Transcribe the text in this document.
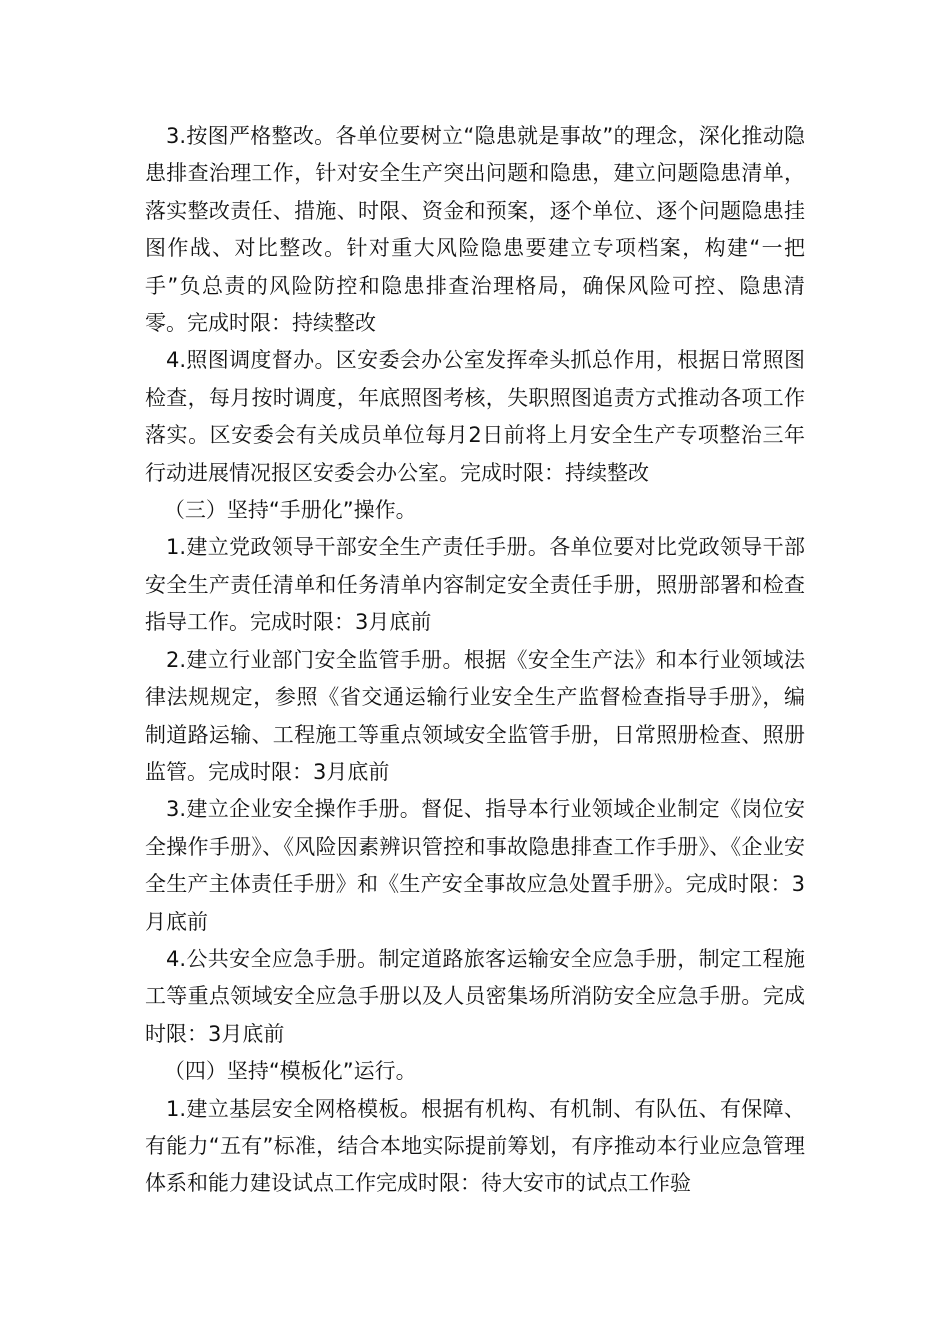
3.按图严格整改。各单位要树立“隐患就是事故”的理念，深化推动隐患排查治理工作，针对安全生产突出问题和隐患，建立问题隐患清单，落实整改责任、措施、时限、资金和预案，逐个单位、逐个问题隐患挂图作战、对比整改。针对重大风险隐患要建立专项档案，构建“一把手”负总责的风险防控和隐患排查治理格局，确保风险可控、隐患清零。完成时限：持续整改

4.照图调度督办。区安委会办公室发挥牵头抓总作用，根据日常照图检查，每月按时调度，年底照图考核，失职照图追责方式推动各项工作落实。区安委会有关成员单位每月2日前将上月安全生产专项整治三年行动进展情况报区安委会办公室。完成时限：持续整改

（三）坚持“手册化”操作。

1.建立党政领导干部安全生产责任手册。各单位要对比党政领导干部安全生产责任清单和任务清单内容制定安全责任手册，照册部署和检查指导工作。完成时限：3月底前

2.建立行业部门安全监管手册。根据《安全生产法》和本行业领域法律法规规定，参照《省交通运输行业安全生产监督检查指导手册》，编制道路运输、工程施工等重点领域安全监管手册，日常照册检查、照册监管。完成时限：3月底前

3.建立企业安全操作手册。督促、指导本行业领域企业制定《岗位安全操作手册》、《风险因素辨识管控和事故隐患排查工作手册》、《企业安全生产主体责任手册》和《生产安全事故应急处置手册》。完成时限：3月底前

4.公共安全应急手册。制定道路旅客运输安全应急手册，制定工程施工等重点领域安全应急手册以及人员密集场所消防安全应急手册。完成时限：3月底前

（四）坚持“模板化”运行。

1.建立基层安全网格模板。根据有机构、有机制、有队伍、有保障、有能力“五有”标准，结合本地实际提前筹划，有序推动本行业应急管理体系和能力建设试点工作完成时限：待大安市的试点工作验
